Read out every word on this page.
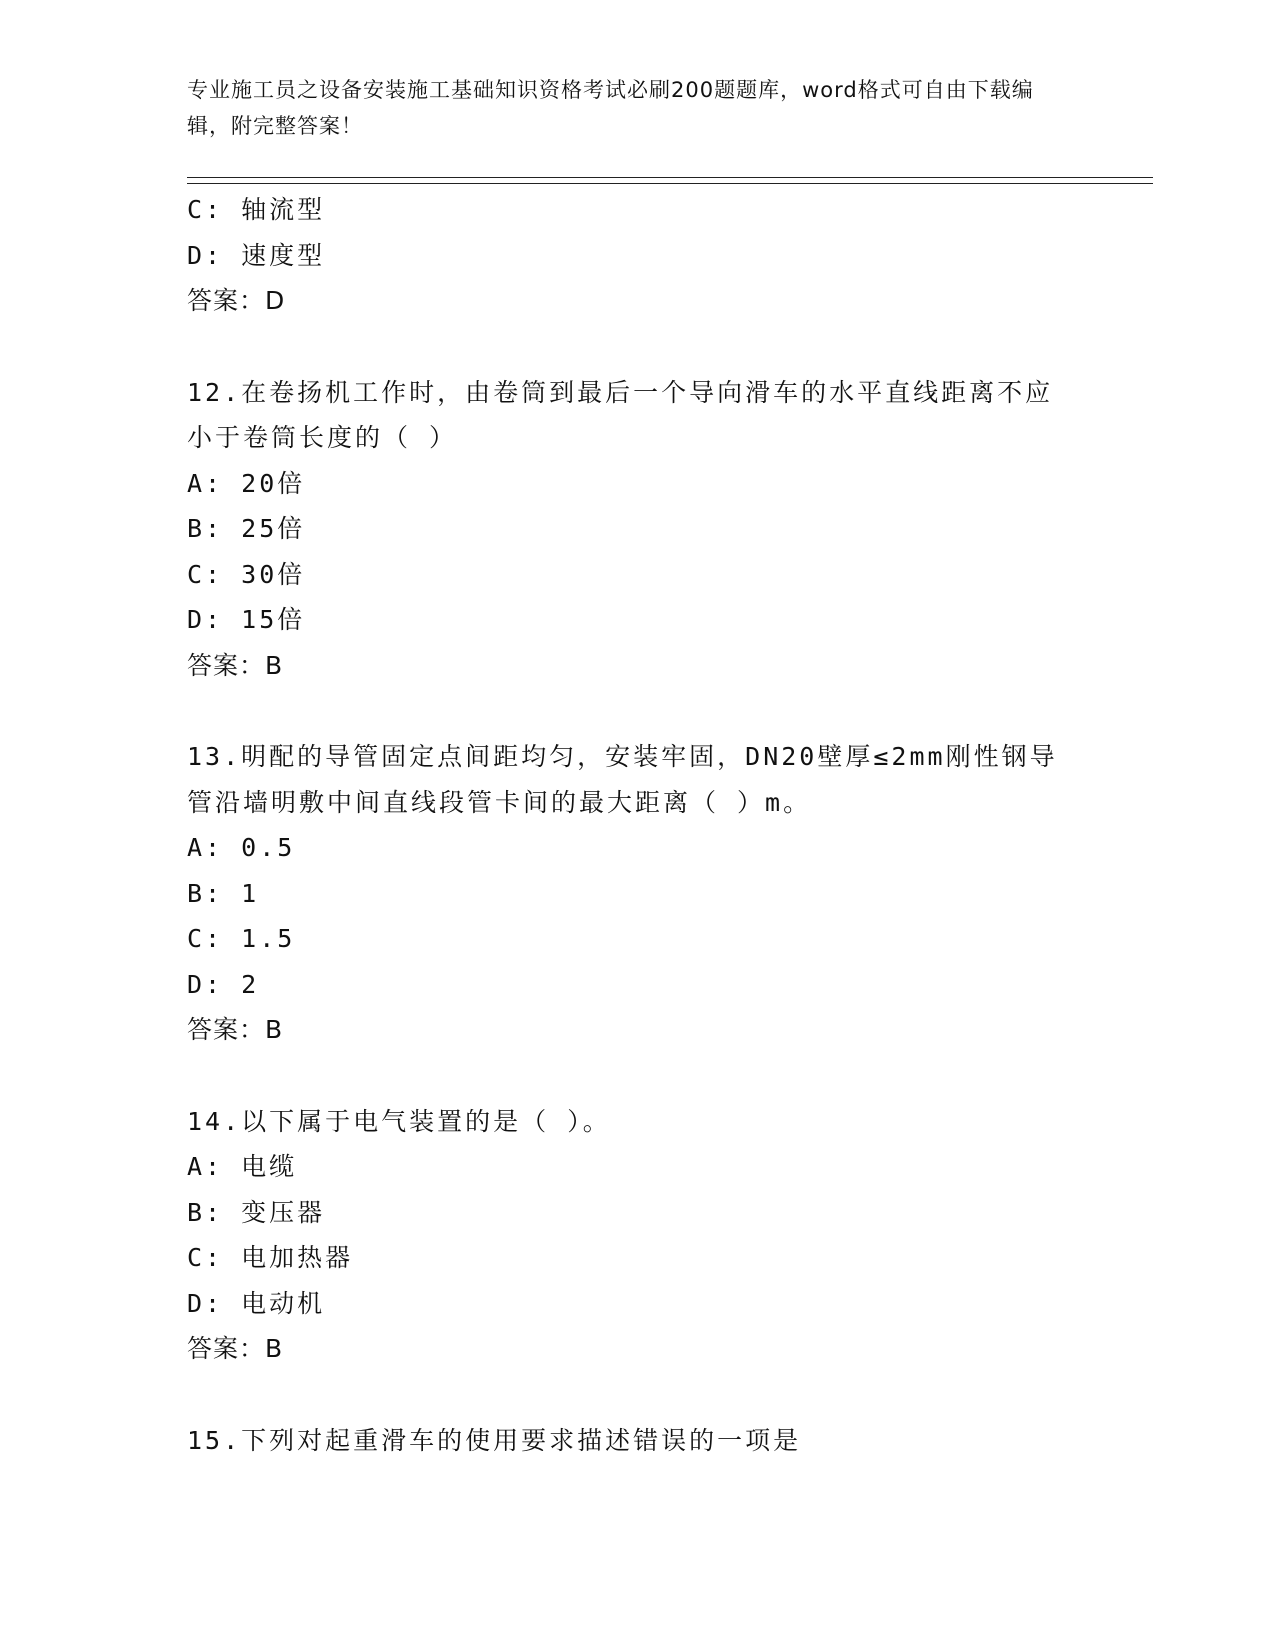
专业施工员之设备安装施工基础知识资格考试必刷200题题库，word格式可自由下载编辑，附完整答案！
C: 轴流型
D: 速度型
答案：D
12.在卷扬机工作时，由卷筒到最后一个导向滑车的水平直线距离不应小于卷筒长度的（ ）
A: 20倍
B: 25倍
C: 30倍
D: 15倍
答案：B
13.明配的导管固定点间距均匀，安装牢固，DN20壁厚≤2mm刚性钢导管沿墙明敷中间直线段管卡间的最大距离（ ）m。
A: 0.5
B: 1
C: 1.5
D: 2
答案：B
14.以下属于电气装置的是（ ）。
A: 电缆
B: 变压器
C: 电加热器
D: 电动机
答案：B
15.下列对起重滑车的使用要求描述错误的一项是
